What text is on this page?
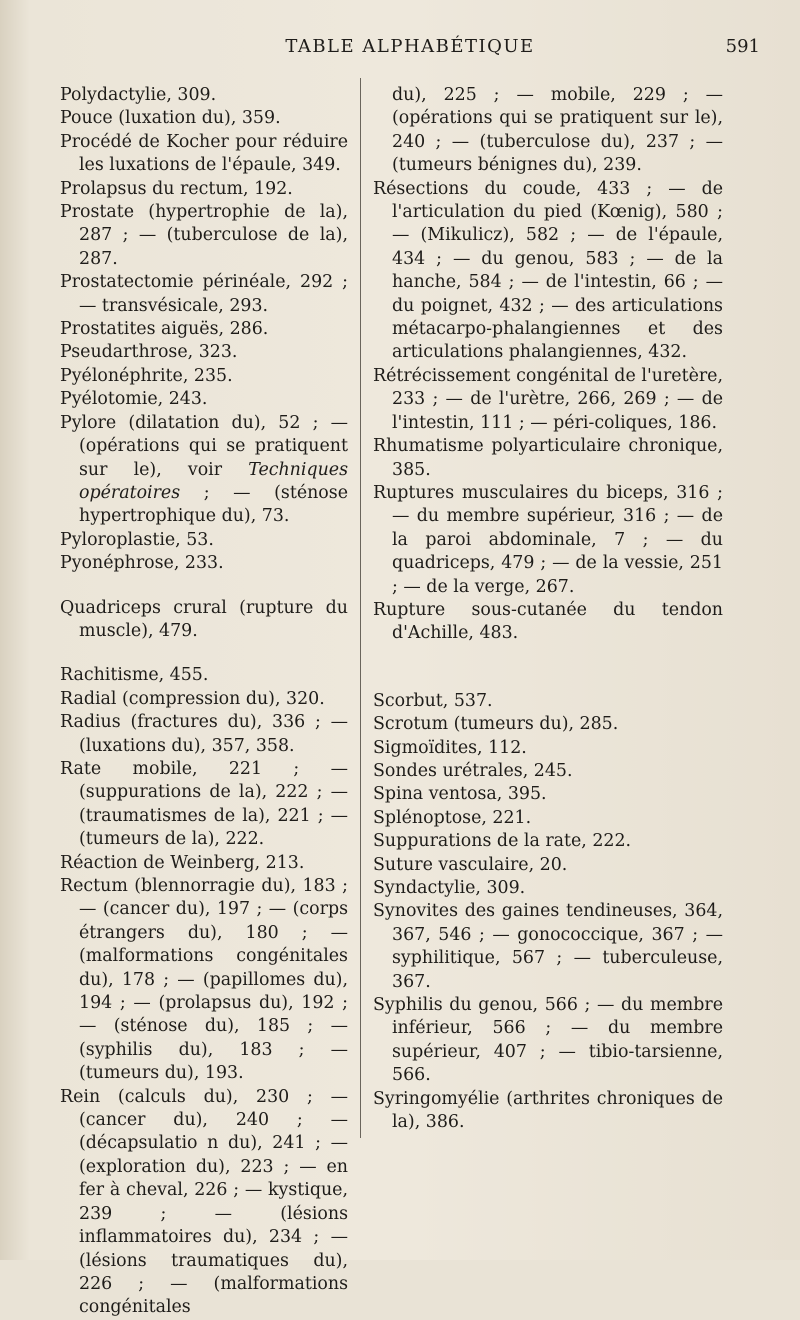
TABLE ALPHABÉTIQUE	591

Polydactylie, 309.

Pouce (luxation du), 359.

Procédé de Kocher pour réduire les luxations de l'épaule, 349.

Prolapsus du rectum, 192.

Prostate (hypertrophie de la), 287 ; — (tuberculose de la), 287.

Prostatectomie périnéale, 292 ; — transvésicale, 293.

Prostatites aiguës, 286.

Pseudarthrose, 323.

Pyélonéphrite, 235.

Pyélotomie, 243.

Pylore (dilatation du), 52 ; — (opérations qui se pratiquent sur le), voir Techniques opératoires ; — (sténose hypertrophique du), 73.

Pyloroplastie, 53.

Pyonéphrose, 233.

Quadriceps crural (rupture du muscle), 479.

Rachitisme, 455.

Radial (compression du), 320.

Radius (fractures du), 336 ; — (luxations du), 357, 358.

Rate mobile, 221 ; — (suppurations de la), 222 ; — (traumatismes de la), 221 ; — (tumeurs de la), 222.

Réaction de Weinberg, 213.

Rectum (blennorragie du), 183 ; — (cancer du), 197 ; — (corps étrangers du), 180 ; — (malformations congénitales du), 178 ; — (papillomes du), 194 ; — (prolapsus du), 192 ; — (sténose du), 185 ; — (syphilis du), 183 ; — (tumeurs du), 193.

Rein (calculs du), 230 ; — (cancer du), 240 ; — (décapsulatio n du), 241 ; — (exploration du), 223 ; — en fer à cheval, 226 ; — kystique, 239 ; — (lésions inflammatoires du), 234 ; — (lésions traumatiques du), 226 ; — (malformations congénitales

du), 225 ; — mobile, 229 ; — (opérations qui se pratiquent sur le), 240 ; — (tuberculose du), 237 ; — (tumeurs bénignes du), 239.

Résections du coude, 433 ; — de l'articulation du pied (Kœnig), 580 ; — (Mikulicz), 582 ; — de l'épaule, 434 ; — du genou, 583 ; — de la hanche, 584 ; — de l'intestin, 66 ; — du poignet, 432 ; — des articulations métacarpo-phalangiennes et des articulations phalangiennes, 432.

Rétrécissement congénital de l'uretère, 233 ; — de l'urètre, 266, 269 ; — de l'intestin, 111 ; — péri-coliques, 186.

Rhumatisme polyarticulaire chronique, 385.

Ruptures musculaires du biceps, 316 ; — du membre supérieur, 316 ; — de la paroi abdominale, 7 ; — du quadriceps, 479 ; — de la vessie, 251 ; — de la verge, 267.

Rupture sous-cutanée du tendon d'Achille, 483.

Scorbut, 537.

Scrotum (tumeurs du), 285.

Sigmoïdites, 112.

Sondes urétrales, 245.

Spina ventosa, 395.

Splénoptose, 221.

Suppurations de la rate, 222.

Suture vasculaire, 20.

Syndactylie, 309.

Synovites des gaines tendineuses, 364, 367, 546 ; — gonococcique, 367 ; — syphilitique, 567 ; — tuberculeuse, 367.

Syphilis du genou, 566 ; — du membre inférieur, 566 ; — du membre supérieur, 407 ; — tibio-tarsienne, 566.

Syringomyélie (arthrites chroniques de la), 386.
